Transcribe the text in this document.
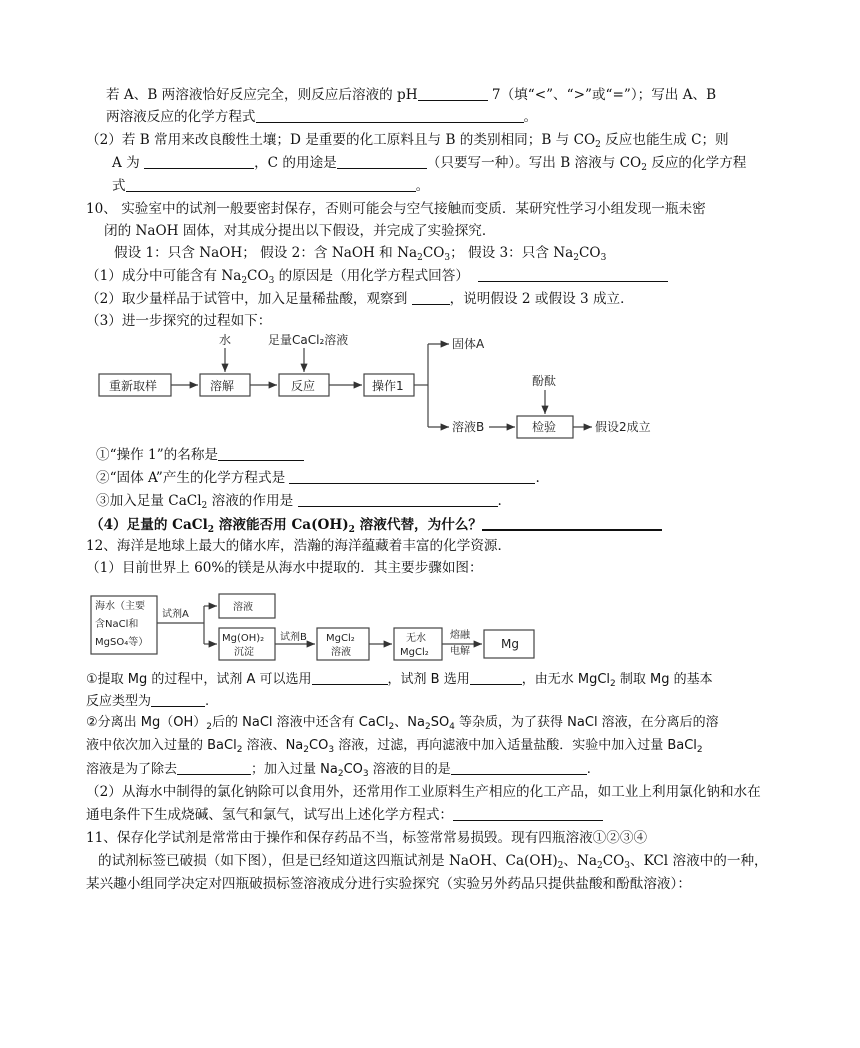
若 A、B 两溶液恰好反应完全，则反应后溶液的 pH	7（填“<”、“>”或“=”）；写出 A、B
两溶液反应的化学方程式	。
（2）若 B 常用来改良酸性土壤；D 是重要的化工原料且与 B 的类别相同；B 与 $CO_2$ 反应也能生成 C；则
A 为	，C 的用途是	（只要写一种）。写出 B 溶液与 $CO_2$ 反应的化学方程
式	。
10、 实验室中的试剂一般要密封保存，否则可能会与空气接触而变质．某研究性学习小组发现一瓶未密
闭的 NaOH 固体，对其成分提出以下假设，并完成了实验探究．
假设 1：只含 NaOH； 假设 2：含 NaOH 和 $Na_2CO_3$； 假设 3：只含 $Na_2CO_3$
（1）成分中可能含有 $Na_2CO_3$ 的原因是（用化学方程式回答）
（2）取少量样品于试管中，加入足量稀盐酸，观察到	，说明假设 2 或假设 3 成立．
（3）进一步探究的过程如下：
重新取样	溶解	反应	操作1
水	足量CaCl₂溶液	固体A
溶液B
酚酞
检验	假设2成立
①“操作 1”的名称是
②“固体 A”产生的化学方程式是	.
③加入足量 CaCl$_2$ 溶液的作用是	.
（4）足量的 CaCl$_2$ 溶液能否用 $Ca(OH)_2$ 溶液代替，为什么？
12、海洋是地球上最大的储水库，浩瀚的海洋蕴藏着丰富的化学资源．
（1）目前世界上 60%的镁是从海水中提取的．其主要步骤如图：
海水（主要
含NaCl和
MgSO₄等）
试剂A
溶液
Mg(OH)₂
沉淀
试剂B MgCl₂
溶液
无水
MgCl₂
熔融
电解
Mg
①提取 Mg 的过程中，试剂 A 可以选用	，试剂 B 选用	，由无水 MgCl$_2$ 制取 Mg 的基本
反应类型为	.
②分离出 $Mg(OH)_2$后的 NaCl 溶液中还含有 CaCl$_2$、$Na_2SO_4$ 等杂质，为了获得 NaCl 溶液，在分离后的溶
液中依次加入过量的 BaCl$_2$ 溶液、$Na_2CO_3$ 溶液，过滤，再向滤液中加入适量盐酸．实验中加入过量 BaCl$_2$
溶液是为了除去	；加入过量 $Na_2CO_3$ 溶液的目的是	.
（2）从海水中制得的氯化钠除可以食用外，还常用作工业原料生产相应的化工产品，如工业上利用氯化钠和水在
通电条件下生成烧碱、氢气和氯气，试写出上述化学方程式：
11、保存化学试剂是常常由于操作和保存药品不当，标签常常易损毁。现有四瓶溶液①②③④
的试剂标签已破损（如下图），但是已经知道这四瓶试剂是 NaOH、$Ca(OH)_2$、$Na_2CO_3$、KCl 溶液中的一种，
某兴趣小组同学决定对四瓶破损标签溶液成分进行实验探究（实验另外药品只提供盐酸和酚酞溶液）：
